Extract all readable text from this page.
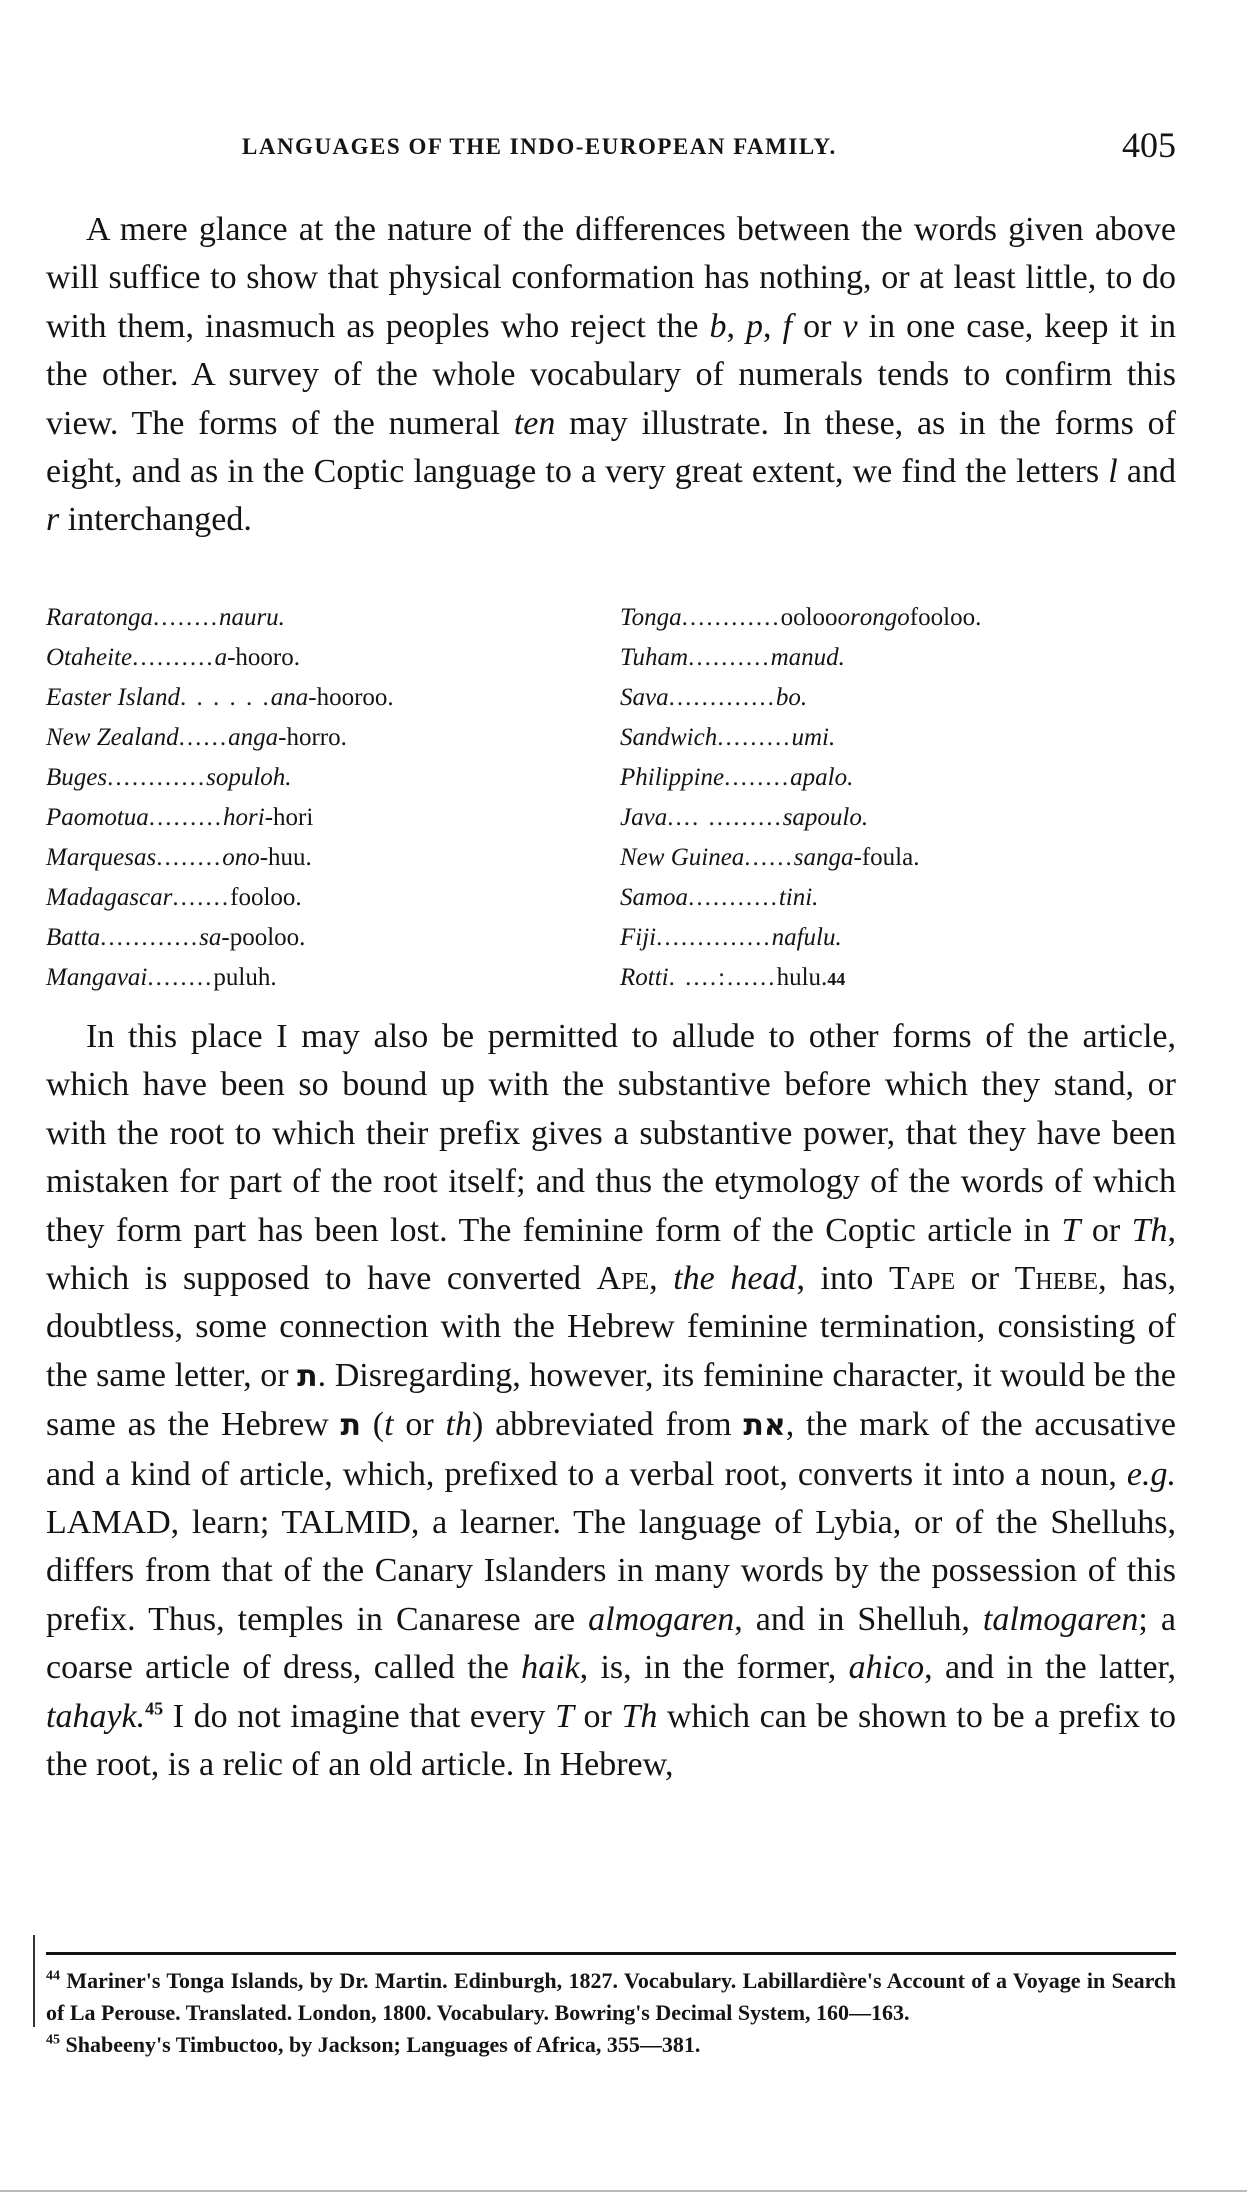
LANGUAGES OF THE INDO-EUROPEAN FAMILY.	405

A mere glance at the nature of the differences between the words given above will suffice to show that physical conformation has nothing, or at least little, to do with them, inasmuch as peoples who reject the b, p, f or v in one case, keep it in the other. A survey of the whole vocabulary of numerals tends to confirm this view. The forms of the numeral ten may illustrate. In these, as in the forms of eight, and as in the Coptic language to a very great extent, we find the letters l and r interchanged.

Raratonga ........ nauru.
Otaheite .......... a- hooro.
Easter Island . . . . . . ana- hooroo.
New Zealand ...... anga- horro.
Buges ............ sopuloh.
Paomotua ......... hori- hori
Marquesas ........ ono- huu.
Madagascar ....... fooloo.
Batta ............ sa- pooloo.
Mangavai ........ puluh.
Tonga ............ ooloo or ongo fooloo.
Tuham .......... manud.
Sava ............. bo.
Sandwich ......... umi.
Philippine ........ apalo.
Java .... ......... sapoulo.
New Guinea ...... sanga- foula.
Samoa ........... tini.
Fiji .............. nafulu.
Rotti . ....:...... hulu. 44

In this place I may also be permitted to allude to other forms of the article, which have been so bound up with the substantive before which they stand, or with the root to which their prefix gives a substantive power, that they have been mistaken for part of the root itself; and thus the etymology of the words of which they form part has been lost. The feminine form of the Coptic article in T or Th, which is supposed to have converted Ape, the head, into Tape or Thebe, has, doubtless, some connection with the Hebrew feminine termination, consisting of the same letter, or ת. Disregarding, however, its feminine character, it would be the same as the Hebrew ת (t or th) abbreviated from את, the mark of the accusative and a kind of article, which, prefixed to a verbal root, converts it into a noun, e.g. LAMAD, learn; TALMID, a learner. The language of Lybia, or of the Shelluhs, differs from that of the Canary Islanders in many words by the possession of this prefix. Thus, temples in Canarese are almogaren, and in Shelluh, talmogaren; a coarse article of dress, called the haik, is, in the former, ahico, and in the latter, tahayk.$^{45}$ I do not imagine that every T or Th which can be shown to be a prefix to the root, is a relic of an old article. In Hebrew,

$^{44}$ Mariner's Tonga Islands, by Dr. Martin. Edinburgh, 1827. Vocabulary. Labillardière's Account of a Voyage in Search of La Perouse. Translated. London, 1800. Vocabulary. Bowring's Decimal System, 160—163.

$^{45}$ Shabeeny's Timbuctoo, by Jackson; Languages of Africa, 355—381.
